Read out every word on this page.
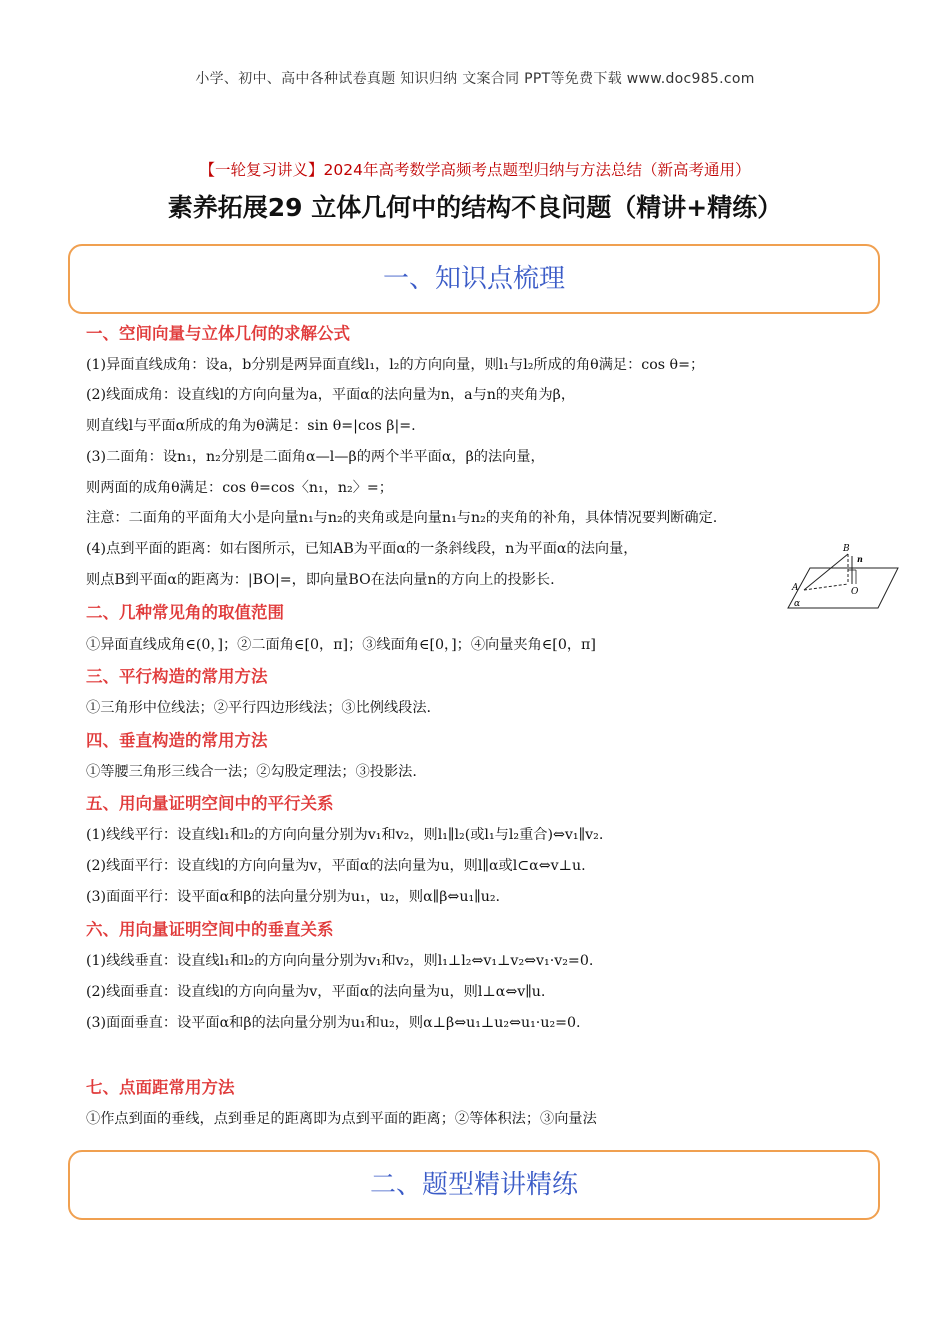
小学、初中、高中各种试卷真题 知识归纳 文案合同 PPT等免费下载 www.doc985.com
【一轮复习讲义】2024年高考数学高频考点题型归纳与方法总结（新高考通用）
素养拓展29 立体几何中的结构不良问题（精讲+精练）
一、知识点梳理
一、空间向量与立体几何的求解公式
(1)异面直线成角：设a，b分别是两异面直线l₁，l₂的方向向量，则l₁与l₂所成的角θ满足：cos θ=；
(2)线面成角：设直线l的方向向量为a，平面α的法向量为n，a与n的夹角为β，
则直线l与平面α所成的角为θ满足：sin θ=|cos β|=.
(3)二面角：设n₁，n₂分别是二面角α—l—β的两个半平面α，β的法向量，
则两面的成角θ满足：cos θ=cos〈n₁，n₂〉=；
注意：二面角的平面角大小是向量n₁与n₂的夹角或是向量n₁与n₂的夹角的补角，具体情况要判断确定.
(4)点到平面的距离：如右图所示，已知AB为平面α的一条斜线段，n为平面α的法向量，
则点B到平面α的距离为：|BO|=，即向量BO在法向量n的方向上的投影长.
B
n
A	O
α
二、几种常见角的取值范围
①异面直线成角∈(0，]；②二面角∈[0，π]；③线面角∈[0，]；④向量夹角∈[0，π]
三、平行构造的常用方法
①三角形中位线法；②平行四边形线法；③比例线段法.
四、垂直构造的常用方法
①等腰三角形三线合一法；②勾股定理法；③投影法.
五、用向量证明空间中的平行关系
(1)线线平行：设直线l₁和l₂的方向向量分别为v₁和v₂，则l₁∥l₂(或l₁与l₂重合)⇔v₁∥v₂.
(2)线面平行：设直线l的方向向量为v，平面α的法向量为u，则l∥α或l⊂α⇔v⊥u.
(3)面面平行：设平面α和β的法向量分别为u₁，u₂，则α∥β⇔u₁∥u₂.
六、用向量证明空间中的垂直关系
(1)线线垂直：设直线l₁和l₂的方向向量分别为v₁和v₂，则l₁⊥l₂⇔v₁⊥v₂⇔v₁·v₂=0.
(2)线面垂直：设直线l的方向向量为v，平面α的法向量为u，则l⊥α⇔v∥u.
(3)面面垂直：设平面α和β的法向量分别为u₁和u₂，则α⊥β⇔u₁⊥u₂⇔u₁·u₂=0.
七、点面距常用方法
①作点到面的垂线，点到垂足的距离即为点到平面的距离；②等体积法；③向量法
二、题型精讲精练
